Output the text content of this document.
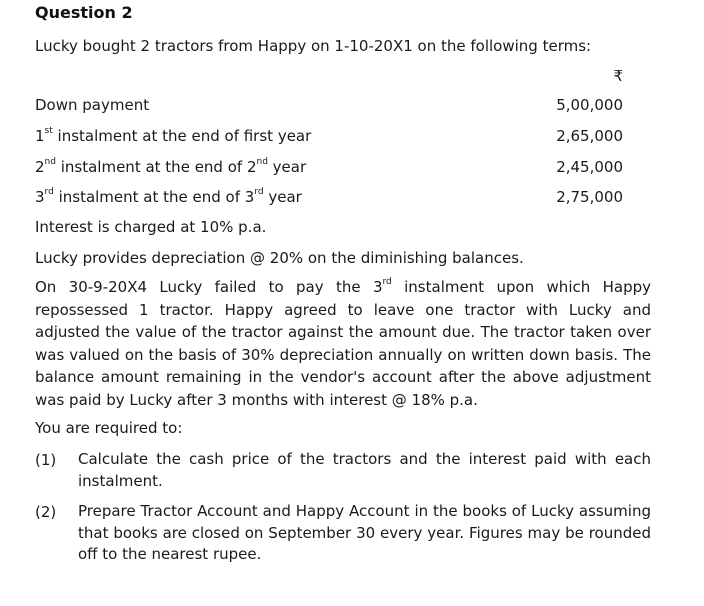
Question 2
Lucky bought 2 tractors from Happy on 1-10-20X1 on the following terms:
₹
Down payment	5,00,000
1st instalment at the end of first year	2,65,000
2nd instalment at the end of 2nd year	2,45,000
3rd instalment at the end of 3rd year	2,75,000
Interest is charged at 10% p.a.
Lucky provides depreciation @ 20% on the diminishing balances.
On 30-9-20X4 Lucky failed to pay the 3rd instalment upon which Happy repossessed 1 tractor. Happy agreed to leave one tractor with Lucky and adjusted the value of the tractor against the amount due. The tractor taken over was valued on the basis of 30% depreciation annually on written down basis. The balance amount remaining in the vendor's account after the above adjustment was paid by Lucky after 3 months with interest @ 18% p.a.
You are required to:
(1) Calculate the cash price of the tractors and the interest paid with each instalment.
(2) Prepare Tractor Account and Happy Account in the books of Lucky assuming that books are closed on September 30 every year. Figures may be rounded off to the nearest rupee.
